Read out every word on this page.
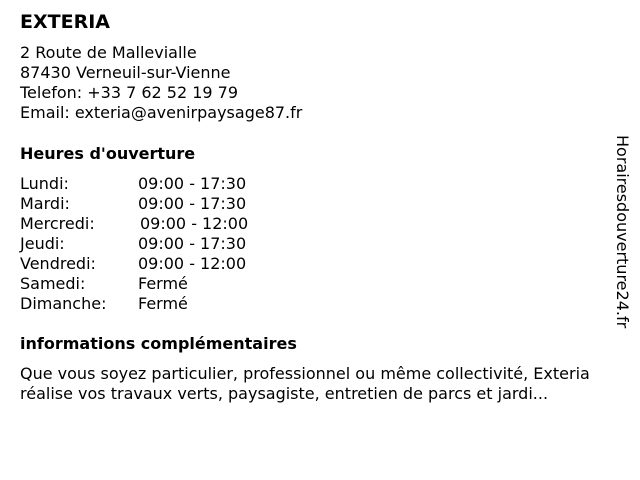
EXTERIA
2 Route de Mallevialle
87430 Verneuil-sur-Vienne
Telefon: +33 7 62 52 19 79
Email: exteria@avenirpaysage87.fr
Heures d'ouverture
Lundi:	09:00 - 17:30
Mardi:	09:00 - 17:30
Mercredi:	09:00 - 12:00
Jeudi:	09:00 - 17:30
Vendredi:	09:00 - 12:00
Samedi:	Fermé
Dimanche: Fermé
informations complémentaires

Que vous soyez particulier, professionnel ou même collectivité, Exteria réalise vos travaux verts, paysagiste, entretien de parcs et jardi...

Horairesdouverture24.fr
